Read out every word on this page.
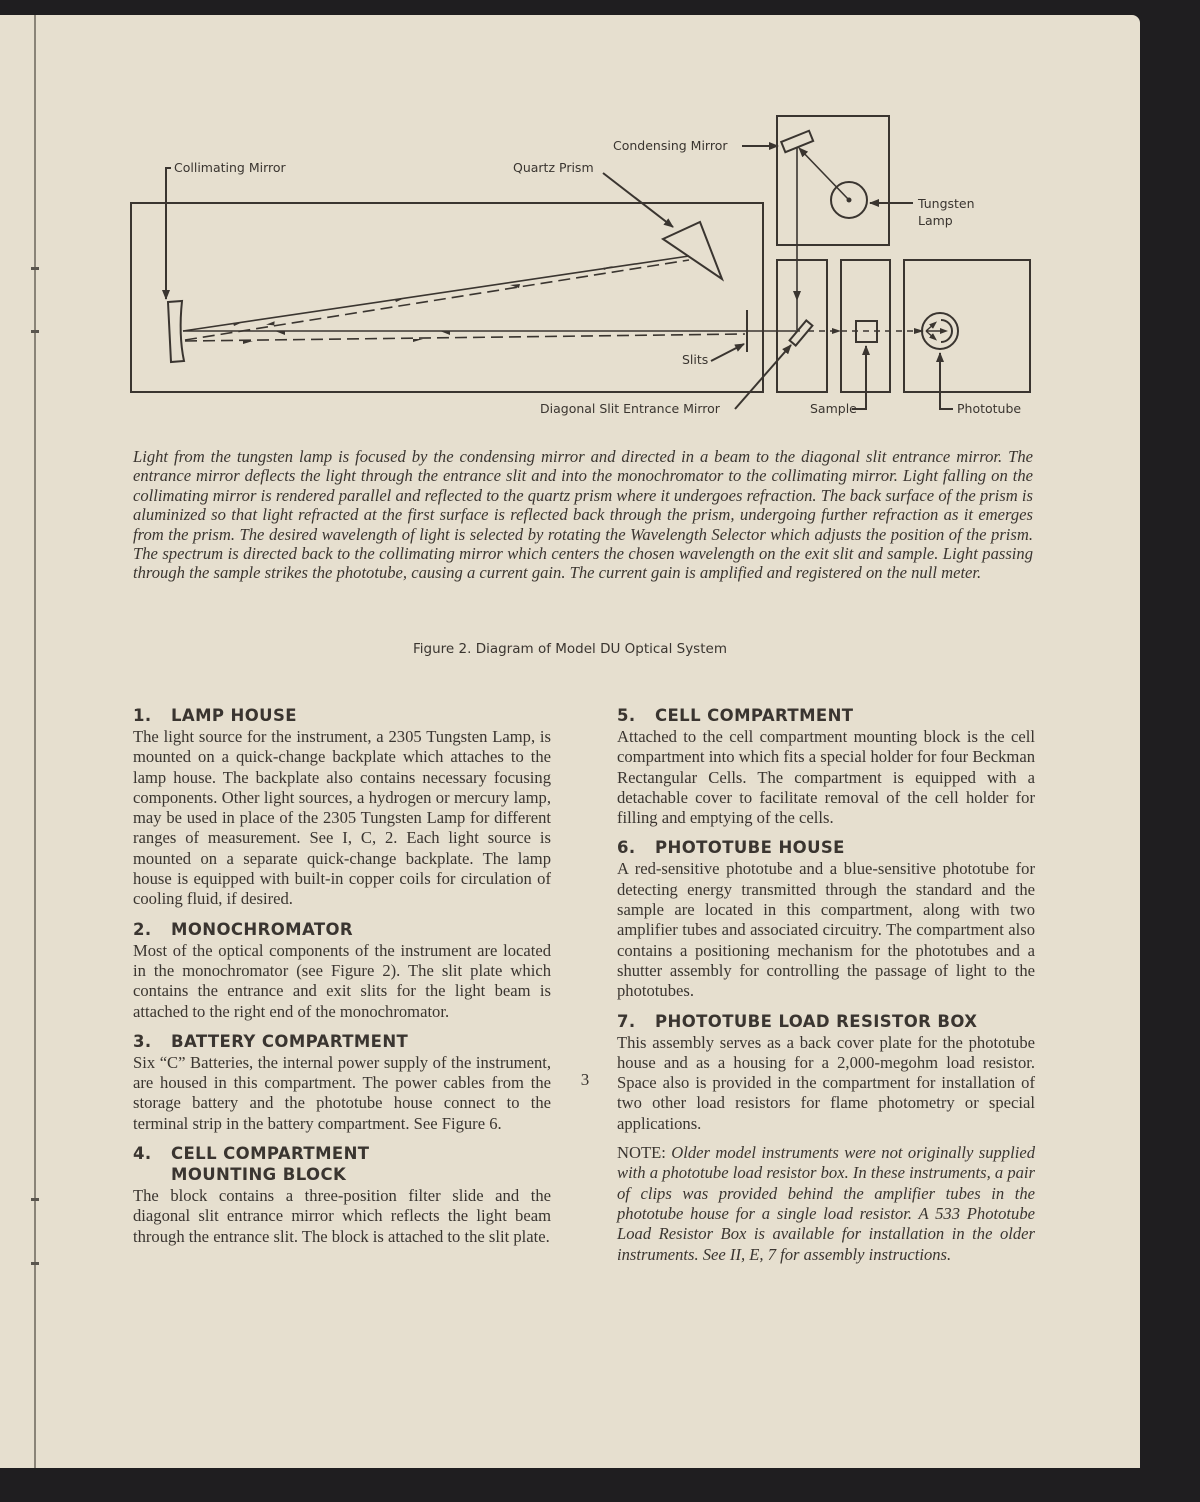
Collimating Mirror	Quartz Prism
Slits
Condensing Mirror
Tungsten
Lamp
Diagonal Slit Entrance Mirror	Sample	Phototube

Light from the tungsten lamp is focused by the condensing mirror and directed in a beam to the diagonal slit entrance mirror. The entrance mirror deflects the light through the entrance slit and into the monochromator to the collimating mirror. Light falling on the collimating mirror is rendered parallel and reflected to the quartz prism where it undergoes refraction. The back surface of the prism is aluminized so that light refracted at the first surface is reflected back through the prism, undergoing further refraction as it emerges from the prism. The desired wavelength of light is selected by rotating the Wavelength Selector which adjusts the position of the prism. The spectrum is directed back to the collimating mirror which centers the chosen wavelength on the exit slit and sample. Light passing through the sample strikes the phototube, causing a current gain. The current gain is amplified and registered on the null meter.

Figure 2. Diagram of Model DU Optical System
1.	LAMP HOUSE

The light source for the instrument, a 2305 Tungsten Lamp, is mounted on a quick-change backplate which attaches to the lamp house. The backplate also contains necessary focusing components. Other light sources, a hydrogen or mercury lamp, may be used in place of the 2305 Tungsten Lamp for different ranges of measurement. See I, C, 2. Each light source is mounted on a separate quick-change backplate. The lamp house is equipped with built-in copper coils for circulation of cooling fluid, if desired.

2.	MONOCHROMATOR

Most of the optical components of the instrument are located in the monochromator (see Figure 2). The slit plate which contains the entrance and exit slits for the light beam is attached to the right end of the monochromator.

3.	BATTERY COMPARTMENT

Six “C” Batteries, the internal power supply of the instrument, are housed in this compartment. The power cables from the storage battery and the phototube house connect to the terminal strip in the battery compartment. See Figure 6.

4.	CELL COMPARTMENT MOUNTING BLOCK

The block contains a three-position filter slide and the diagonal slit entrance mirror which reflects the light beam through the entrance slit. The block is attached to the slit plate.

5.	CELL COMPARTMENT

Attached to the cell compartment mounting block is the cell compartment into which fits a special holder for four Beckman Rectangular Cells. The compartment is equipped with a detachable cover to facilitate removal of the cell holder for filling and emptying of the cells.

6.	PHOTOTUBE HOUSE

A red-sensitive phototube and a blue-sensitive phototube for detecting energy transmitted through the standard and the sample are located in this compartment, along with two amplifier tubes and associated circuitry. The compartment also contains a positioning mechanism for the phototubes and a shutter assembly for controlling the passage of light to the phototubes.

7.	PHOTOTUBE LOAD RESISTOR BOX

This assembly serves as a back cover plate for the phototube house and as a housing for a 2,000-megohm load resistor. Space also is provided in the compartment for installation of two other load resistors for flame photometry or special applications.

NOTE: Older model instruments were not originally supplied with a phototube load resistor box. In these instruments, a pair of clips was provided behind the amplifier tubes in the phototube house for a single load resistor. A 533 Phototube Load Resistor Box is available for installation in the older instruments. See II, E, 7 for assembly instructions.

3
